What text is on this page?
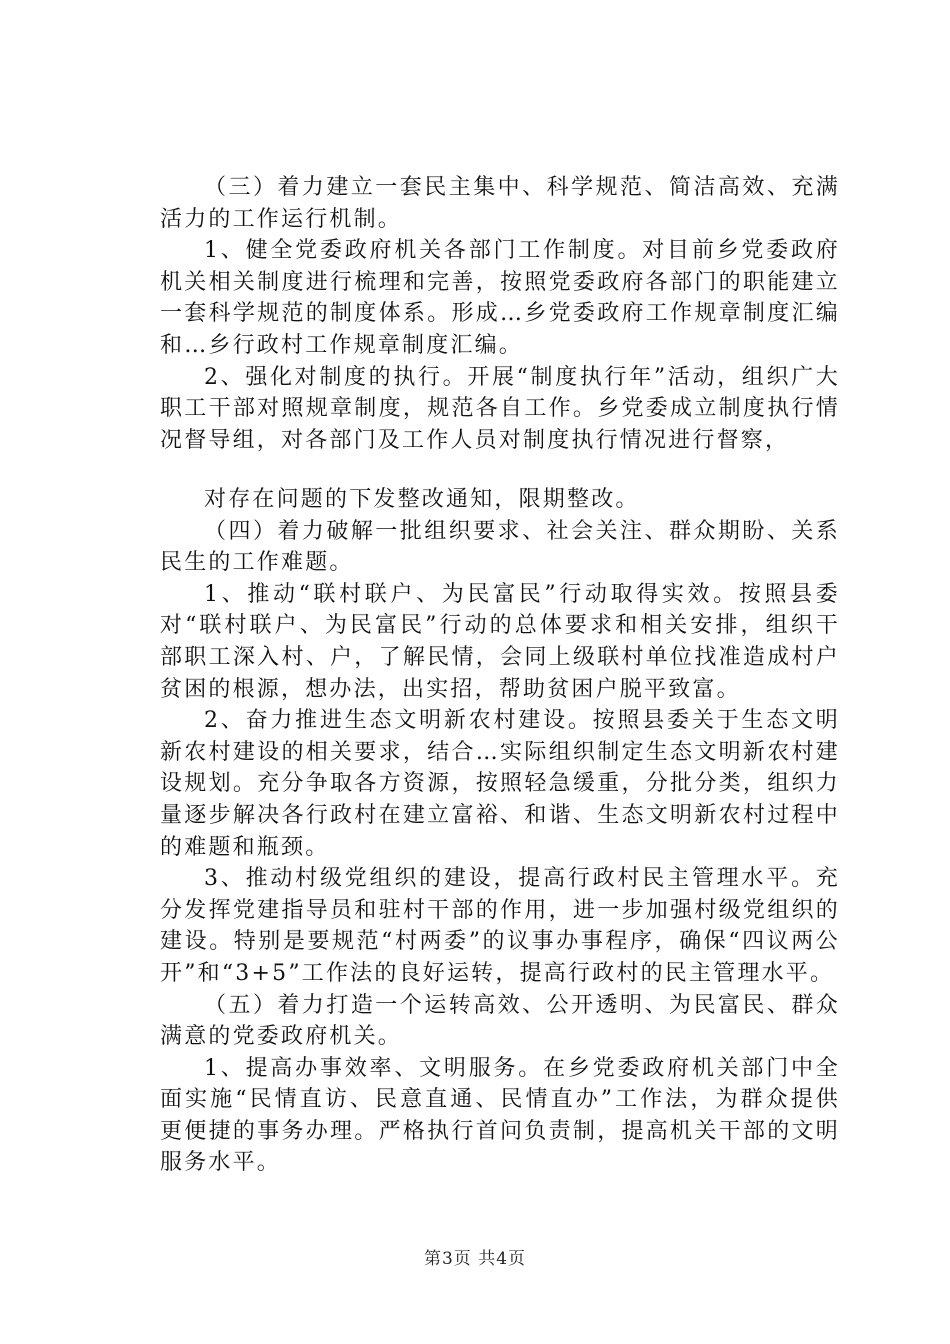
（三）着力建立一套民主集中、科学规范、简洁高效、充满活力的工作运行机制。

1、健全党委政府机关各部门工作制度。对目前乡党委政府机关相关制度进行梳理和完善，按照党委政府各部门的职能建立一套科学规范的制度体系。形成…乡党委政府工作规章制度汇编和…乡行政村工作规章制度汇编。

2、强化对制度的执行。开展“制度执行年”活动，组织广大职工干部对照规章制度，规范各自工作。乡党委成立制度执行情况督导组，对各部门及工作人员对制度执行情况进行督察，

对存在问题的下发整改通知，限期整改。

（四）着力破解一批组织要求、社会关注、群众期盼、关系民生的工作难题。

1、推动“联村联户、为民富民”行动取得实效。按照县委对“联村联户、为民富民”行动的总体要求和相关安排，组织干部职工深入村、户，了解民情，会同上级联村单位找准造成村户贫困的根源，想办法，出实招，帮助贫困户脱平致富。

2、奋力推进生态文明新农村建设。按照县委关于生态文明新农村建设的相关要求，结合…实际组织制定生态文明新农村建设规划。充分争取各方资源，按照轻急缓重，分批分类，组织力量逐步解决各行政村在建立富裕、和谐、生态文明新农村过程中的难题和瓶颈。

3、推动村级党组织的建设，提高行政村民主管理水平。充分发挥党建指导员和驻村干部的作用，进一步加强村级党组织的建设。特别是要规范“村两委”的议事办事程序，确保“四议两公开”和“3+5”工作法的良好运转，提高行政村的民主管理水平。

（五）着力打造一个运转高效、公开透明、为民富民、群众满意的党委政府机关。

1、提高办事效率、文明服务。在乡党委政府机关部门中全面实施“民情直访、民意直通、民情直办”工作法，为群众提供更便捷的事务办理。严格执行首问负责制，提高机关干部的文明服务水平。

第3页 共4页
